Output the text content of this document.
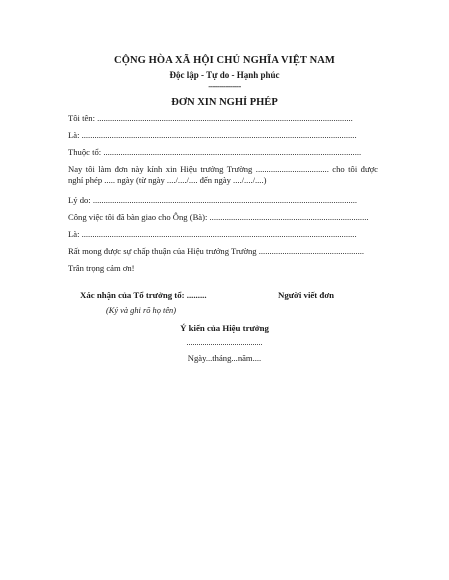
CỘNG HÒA XÃ HỘI CHỦ NGHĨA VIỆT NAM
Độc lập - Tự do - Hạnh phúc
---------------
ĐƠN XIN NGHỈ PHÉP
Tôi tên: .......................................................................................................................
Là: ................................................................................................................................
Thuộc tổ: ........................................................................................................................
Nay tôi làm đơn này kính xin Hiệu trưởng Trường .................................. cho tôi được nghỉ phép ..... ngày (từ ngày ..../..../.... đến ngày ..../..../....)
Lý do: ...........................................................................................................................
Công việc tôi đã bàn giao cho Ông (Bà): ..........................................................................
Là: ................................................................................................................................
Rất mong được sự chấp thuận của Hiệu trưởng Trường .................................................
Trân trọng cảm ơn!
Xác nhận của Tổ trưởng tổ: .........	Người viết đơn
(Ký và ghi rõ họ tên)
Ý kiến của Hiệu trưởng
......................................
Ngày...tháng...năm....
